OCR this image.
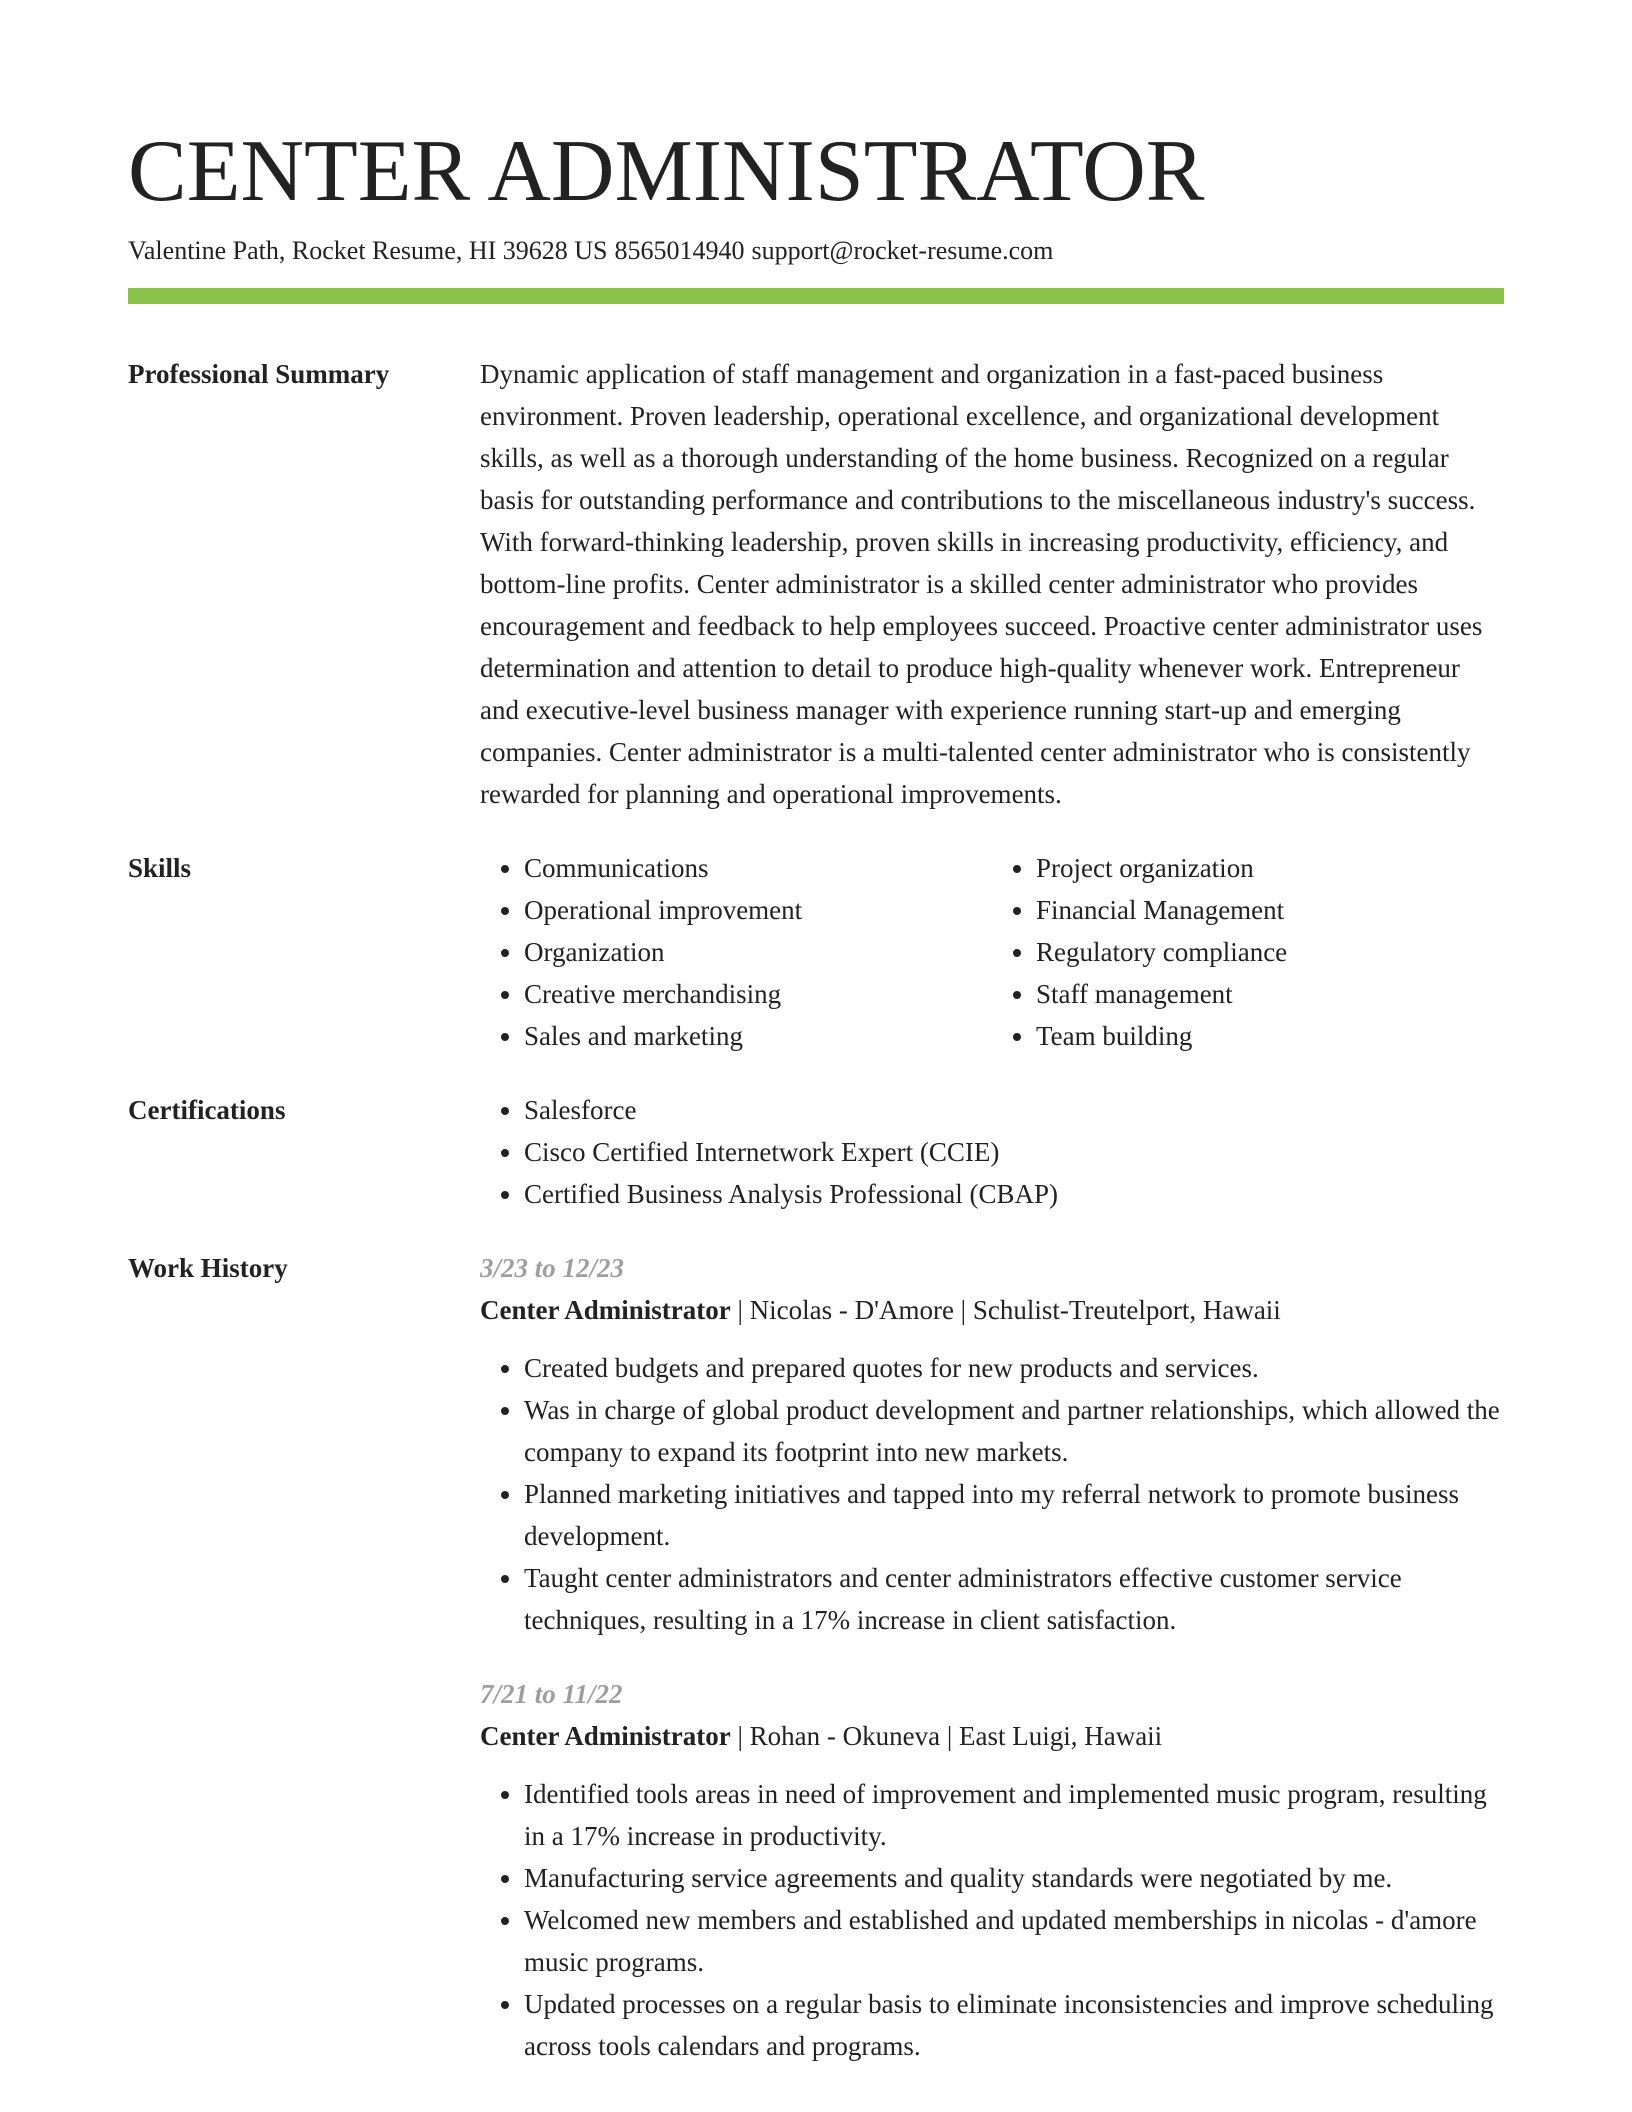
CENTER ADMINISTRATOR
Valentine Path, Rocket Resume, HI 39628 US 8565014940 support@rocket-resume.com
Professional Summary	Dynamic application of staff management and organization in a fast-paced business environment. Proven leadership, operational excellence, and organizational development skills, as well as a thorough understanding of the home business. Recognized on a regular basis for outstanding performance and contributions to the miscellaneous industry's success. With forward-thinking leadership, proven skills in increasing productivity, efficiency, and bottom-line profits. Center administrator is a skilled center administrator who provides encouragement and feedback to help employees succeed. Proactive center administrator uses determination and attention to detail to produce high-quality whenever work. Entrepreneur and executive-level business manager with experience running start-up and emerging companies. Center administrator is a multi-talented center administrator who is consistently rewarded for planning and operational improvements.
Skills	• Communications
• Operational improvement
• Organization
• Creative merchandising
• Sales and marketing
• Project organization
• Financial Management
• Regulatory compliance
• Staff management
• Team building
Certifications	• Salesforce
• Cisco Certified Internetwork Expert (CCIE)
• Certified Business Analysis Professional (CBAP)
Work History	3/23 to 12/23
Center Administrator | Nicolas - D'Amore | Schulist-Treutelport, Hawaii
• Created budgets and prepared quotes for new products and services.
• Was in charge of global product development and partner relationships, which allowed the company to expand its footprint into new markets.
• Planned marketing initiatives and tapped into my referral network to promote business development.
• Taught center administrators and center administrators effective customer service techniques, resulting in a 17% increase in client satisfaction.
7/21 to 11/22
Center Administrator | Rohan - Okuneva | East Luigi, Hawaii
• Identified tools areas in need of improvement and implemented music program, resulting in a 17% increase in productivity.
• Manufacturing service agreements and quality standards were negotiated by me.
• Welcomed new members and established and updated memberships in nicolas - d'amore music programs.
• Updated processes on a regular basis to eliminate inconsistencies and improve scheduling across tools calendars and programs.
